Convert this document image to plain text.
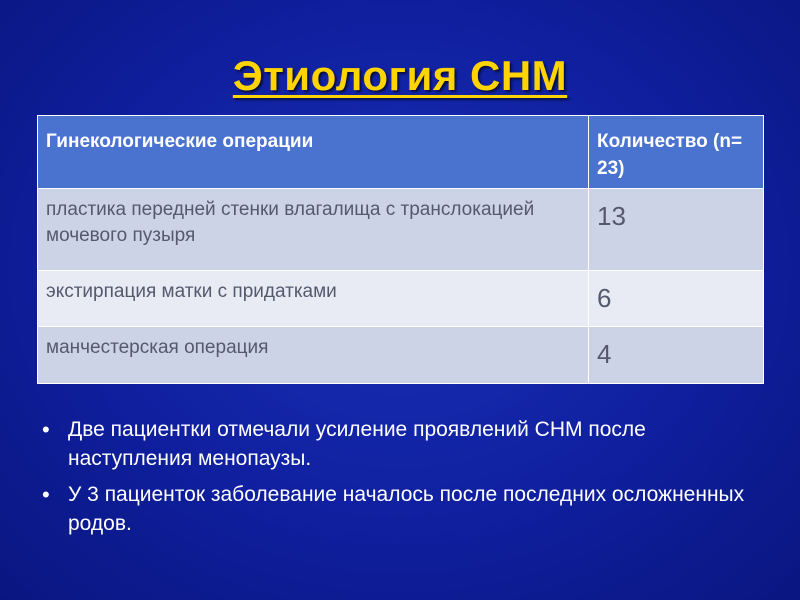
Этиология СНМ
Гинекологические операции	Количество (n= 23)
пластика передней стенки влагалища с транслокацией мочевого пузыря	13
экстирпация матки с придатками	6
манчестерская операция	4
• Две пациентки отмечали усиление проявлений СНМ после наступления менопаузы.
• У 3 пациенток заболевание началось после последних осложненных родов.
